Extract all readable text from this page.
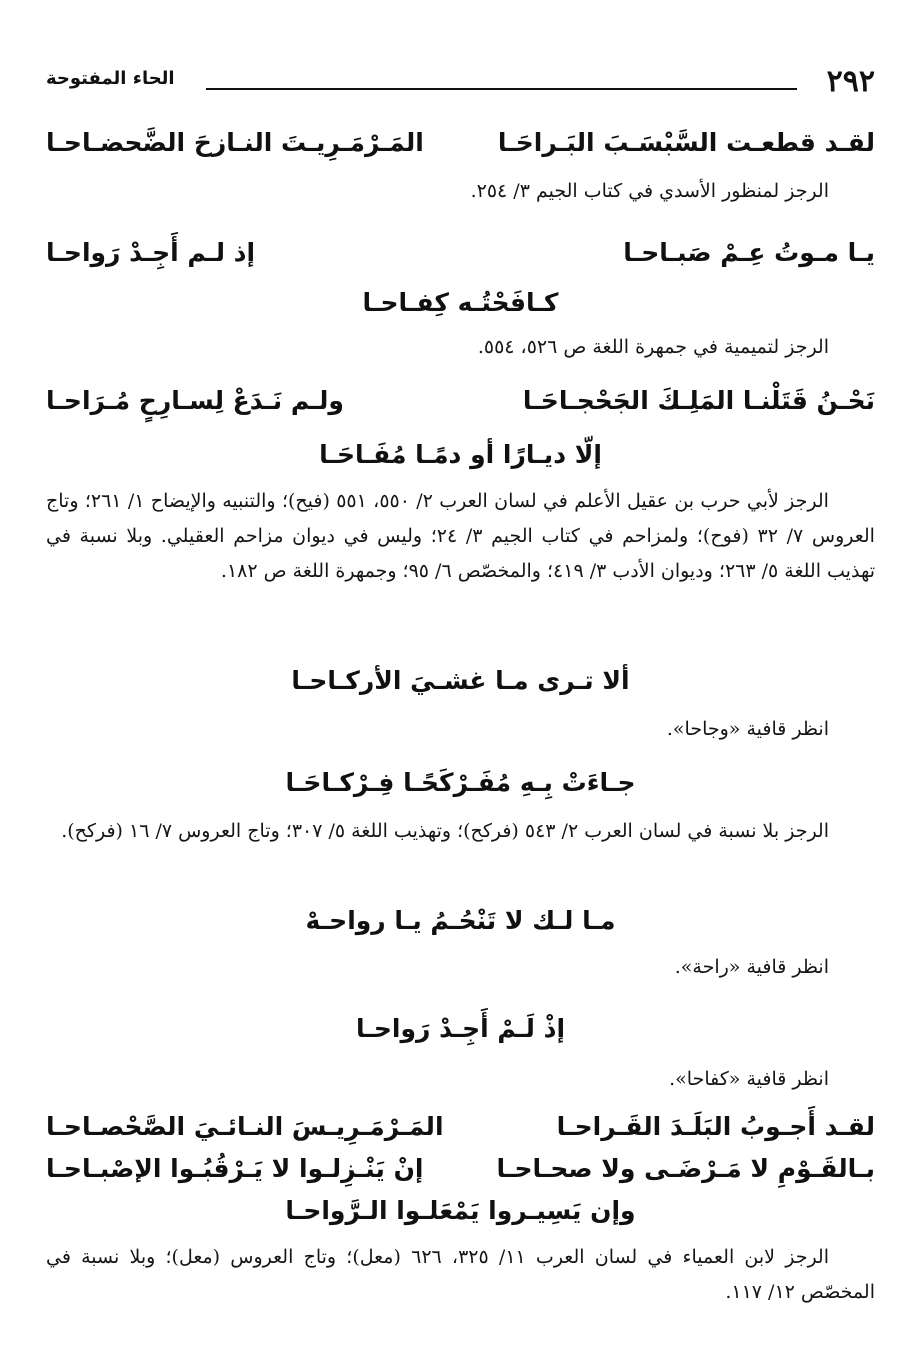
٢٩٢
الحاء المفتوحة
لقـد قطعـت السَّبْسَـبَ البَـراحَـا
المَـرْمَـرِيـتَ النـازحَ الضَّحضـاحـا
الرجز لمنظور الأسدي في كتاب الجيم ٣/ ٢٥٤.
يـا مـوتُ عِـمْ صَبـاحـا
إذ لـم أَجِـدْ رَواحـا
كـافَحْتُـه كِفـاحـا
الرجز لتميمية في جمهرة اللغة ص ٥٢٦، ٥٥٤.
نَحْـنُ قَتَلْنـا المَلِـكَ الجَحْجـاحَـا
ولـم نَـدَعْ لِسـارِحٍ مُـرَاحـا
إلّا ديـارًا أو دمًـا مُفَـاحَـا
الرجز لأبي حرب بن عقيل الأعلم في لسان العرب ٢/ ٥٥٠، ٥٥١ (فيح)؛ والتنبيه والإيضاح ١/ ٢٦١؛ وتاج العروس ٧/ ٣٢ (فوح)؛ ولمزاحم في كتاب الجيم ٣/ ٢٤؛ وليس في ديوان مزاحم العقيلي. وبلا نسبة في تهذيب اللغة ٥/ ٢٦٣؛ وديوان الأدب ٣/ ٤١٩؛ والمخصّص ٦/ ٩٥؛ وجمهرة اللغة ص ١٨٢.
ألا تـرى مـا غشـيَ الأركـاحـا
انظر قافية «وجاحا».
جـاءَتْ بِـهِ مُفَـرْكَحًـا فِـرْكـاحَـا
الرجز بلا نسبة في لسان العرب ٢/ ٥٤٣ (فركح)؛ وتهذيب اللغة ٥/ ٣٠٧؛ وتاج العروس ٧/ ١٦ (فركح).
مـا لـك لا تَنْحُـمُ يـا رواحـهْ
انظر قافية «راحة».
إذْ لَـمْ أَجِـدْ رَواحـا
انظر قافية «كفاحا».
لقـد أَجـوبُ البَلَـدَ القَـراحـا
المَـرْمَـرِيـسَ النـائـيَ الصَّحْصـاحـا
بـالقَـوْمِ لا مَـرْضَـى ولا صحـاحـا
إنْ يَنْـزِلـوا لا يَـرْقُبُـوا الإصْبـاحـا
وإن يَسِيـروا يَمْعَلـوا الـرَّواحـا
الرجز لابن العمياء في لسان العرب ١١/ ٣٢٥، ٦٢٦ (معل)؛ وتاج العروس (معل)؛ وبلا نسبة في المخصّص ١٢/ ١١٧.
